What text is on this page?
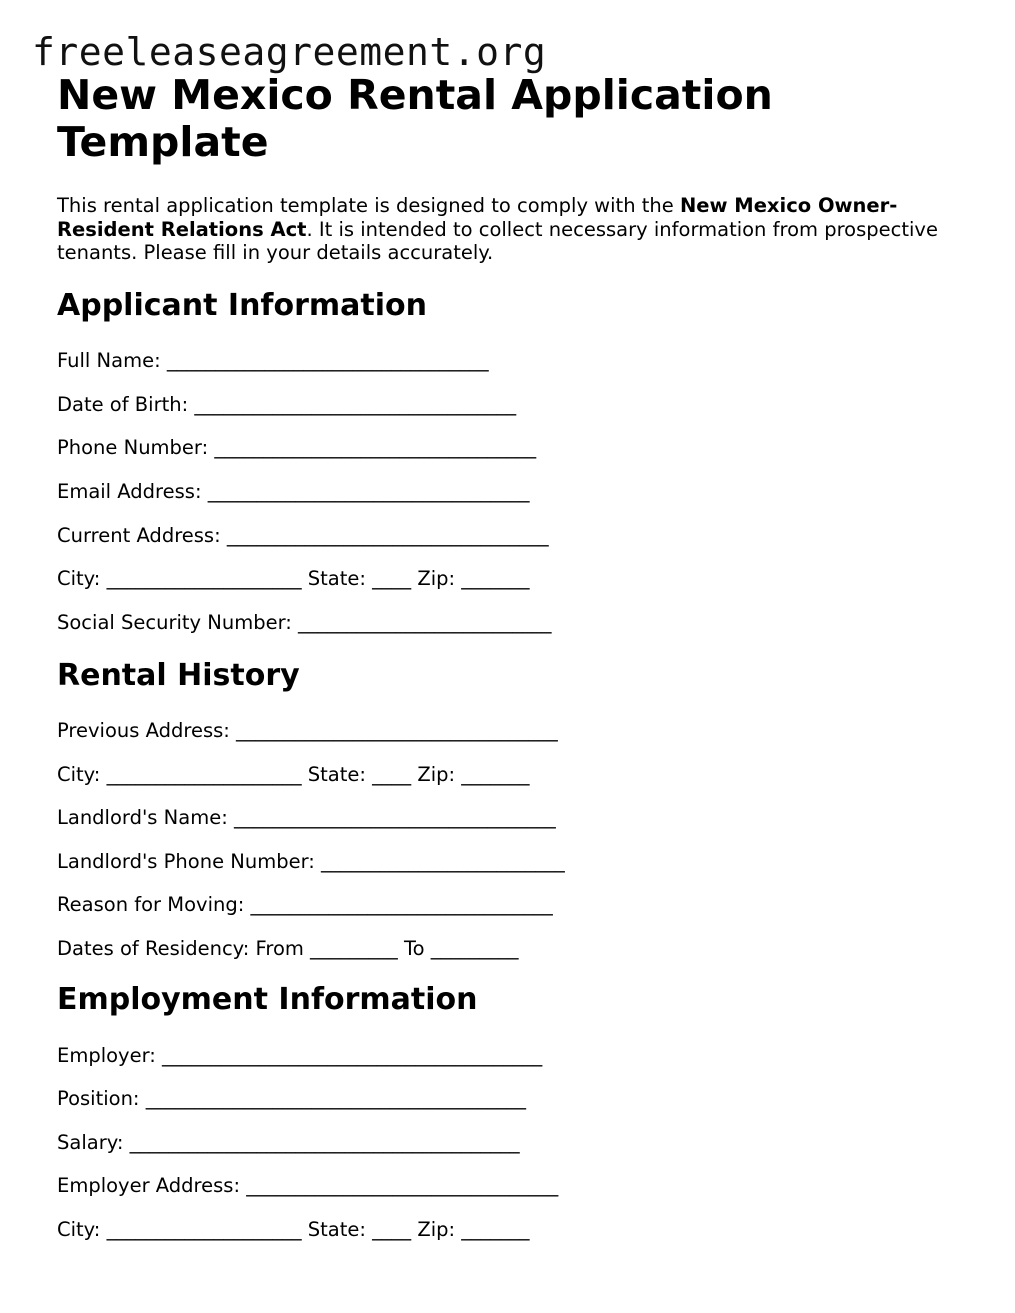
freeleaseagreement.org
New Mexico Rental Application Template

This rental application template is designed to comply with the New Mexico Owner-Resident Relations Act. It is intended to collect necessary information from prospective tenants. Please fill in your details accurately.

Applicant Information
Full Name: _________________________________
Date of Birth: _________________________________
Phone Number: _________________________________
Email Address: _________________________________
Current Address: _________________________________
City: ____________________ State: ____ Zip: _______
Social Security Number: __________________________
Rental History
Previous Address: _________________________________
City: ____________________ State: ____ Zip: _______
Landlord's Name: _________________________________
Landlord's Phone Number: _________________________
Reason for Moving: _______________________________
Dates of Residency: From _________ To _________
Employment Information
Employer: _______________________________________
Position: _______________________________________
Salary: ________________________________________
Employer Address: ________________________________
City: ____________________ State: ____ Zip: _______
